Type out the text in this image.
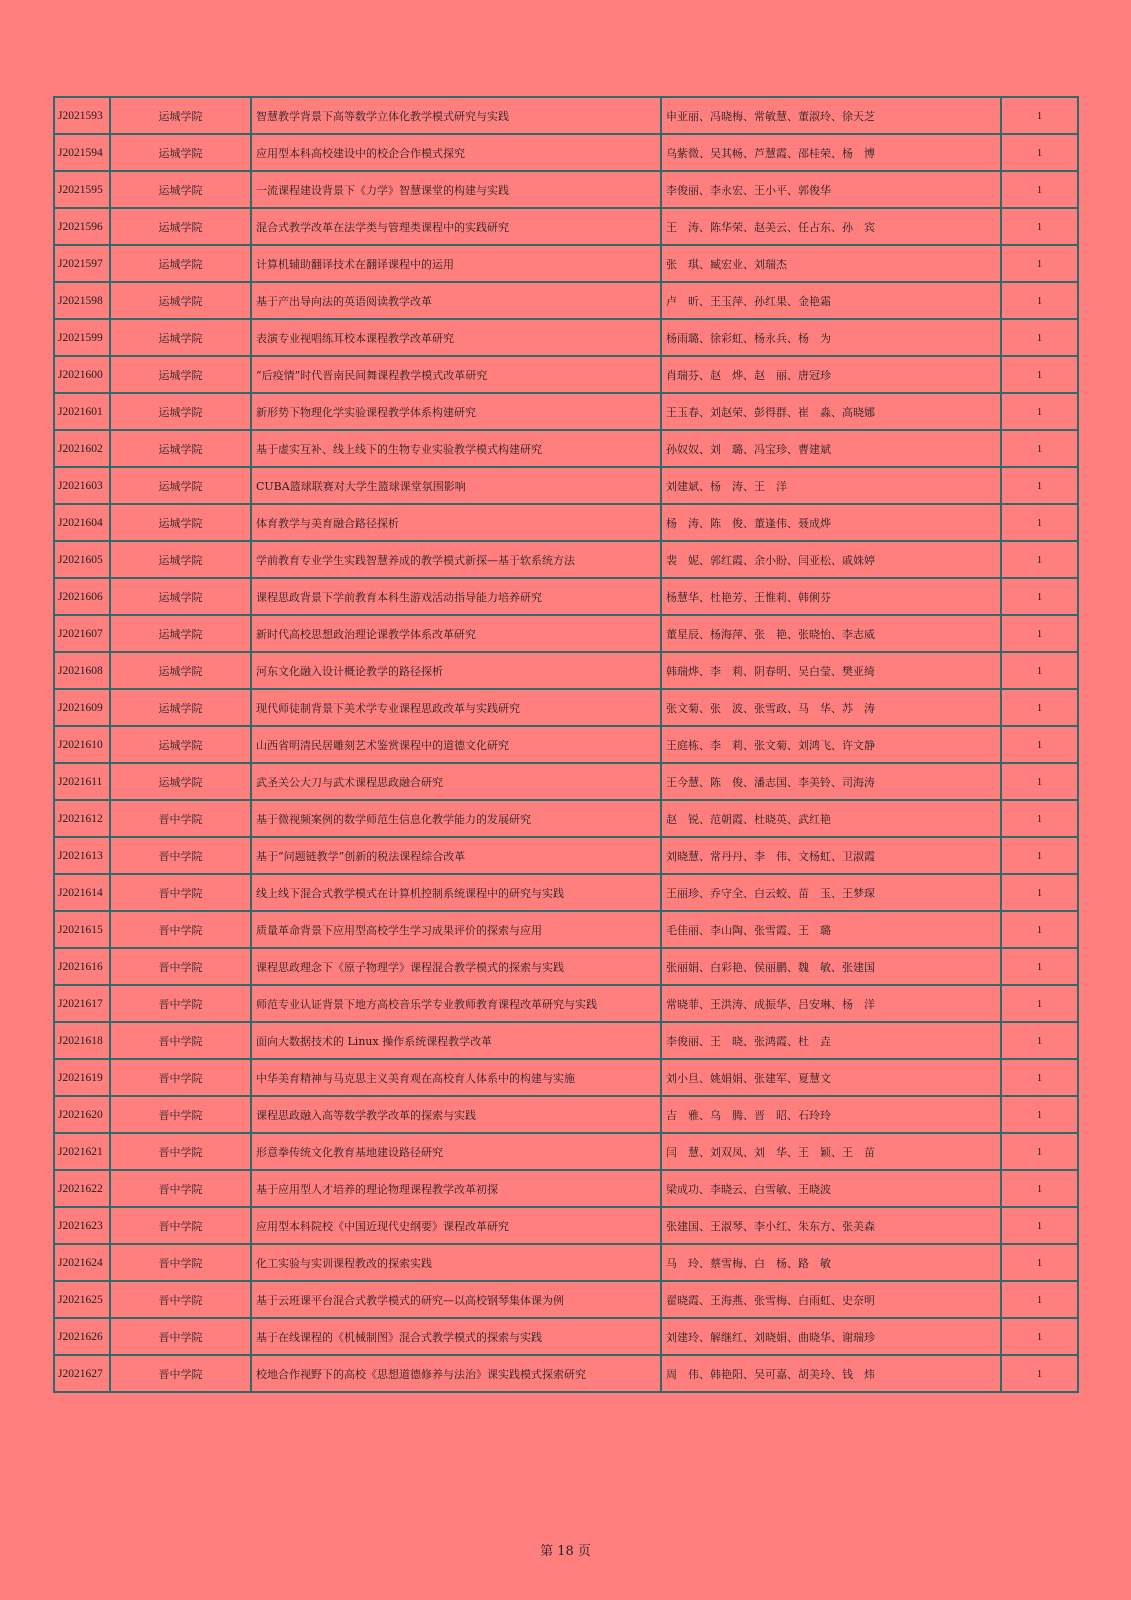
J2021593	运城学院	智慧教学背景下高等数学立体化教学模式研究与实践	申亚丽、冯晓梅、常敏慧、董淑玲、徐天芝	1
J2021594	运城学院	应用型本科高校建设中的校企合作模式探究	乌紫微、吴其畅、芦慧霞、邵桂荣、杨　博	1
J2021595	运城学院	一流课程建设背景下《力学》智慧课堂的构建与实践	李俊丽、李永宏、王小平、郭俊华	1
J2021596	运城学院	混合式教学改革在法学类与管理类课程中的实践研究	王　涛、陈华荣、赵美云、任占东、孙　宾	1
J2021597	运城学院	计算机辅助翻译技术在翻译课程中的运用	张　琪、臧宏业、刘瑞杰	1
J2021598	运城学院	基于产出导向法的英语阅读教学改革	卢　昕、王玉萍、孙红果、金艳霜	1
J2021599	运城学院	表演专业视唱练耳校本课程教学改革研究	杨雨璐、徐彩虹、杨永兵、杨　为	1
J2021600	运城学院	“后疫情”时代晋南民间舞课程教学模式改革研究	肖瑞芬、赵　烨、赵　丽、唐冠珍	1
J2021601	运城学院	新形势下物理化学实验课程教学体系构建研究	王玉春、刘赵荣、彭得群、崔　淼、高晓娜	1
J2021602	运城学院	基于虚实互补、线上线下的生物专业实验教学模式构建研究	孙奴奴、刘　璐、冯宝珍、曹建斌	1
J2021603	运城学院	CUBA篮球联赛对大学生篮球课堂氛围影响	刘建斌、杨　涛、王　洋	1
J2021604	运城学院	体育教学与美育融合路径探析	杨　涛、陈　俊、董逢伟、聂成烨	1
J2021605	运城学院	学前教育专业学生实践智慧养成的教学模式新探—基于软系统方法	裴　妮、郭红霞、余小盼、闫亚松、戚姝婷	1
J2021606	运城学院	课程思政背景下学前教育本科生游戏活动指导能力培养研究	杨慧华、杜艳芳、王惟莉、韩俐芬	1
J2021607	运城学院	新时代高校思想政治理论课教学体系改革研究	董星辰、杨海萍、张　艳、张晓怡、李志威	1
J2021608	运城学院	河东文化融入设计概论教学的路径探析	韩瑞烨、李　莉、阴春明、吴白莹、樊亚绮	1
J2021609	运城学院	现代师徒制背景下美术学专业课程思政改革与实践研究	张文菊、张　波、张雪政、马　华、苏　涛	1
J2021610	运城学院	山西省明清民居雕刻艺术鉴赏课程中的道德文化研究	王庭栋、李　莉、张文菊、刘鸿飞、许文静	1
J2021611	运城学院	武圣关公大刀与武术课程思政融合研究	王今慧、陈　俊、潘志国、李美铃、司海涛	1
J2021612	晋中学院	基于微视频案例的数学师范生信息化教学能力的发展研究	赵　锐、范朝霞、杜晓英、武红艳	1
J2021613	晋中学院	基于“问题链教学”创新的税法课程综合改革	刘晓慧、常丹丹、李　伟、文杨虹、卫淑霞	1
J2021614	晋中学院	线上线下混合式教学模式在计算机控制系统课程中的研究与实践	王丽珍、乔守全、白云蛟、苗　玉、王梦琛	1
J2021615	晋中学院	质量革命背景下应用型高校学生学习成果评价的探索与应用	毛佳丽、李山陶、张雪霞、王　璐	1
J2021616	晋中学院	课程思政理念下《原子物理学》课程混合教学模式的探索与实践	张丽娟、白彩艳、侯丽鹏、魏　敏、张建国	1
J2021617	晋中学院	师范专业认证背景下地方高校音乐学专业教师教育课程改革研究与实践	常晓菲、王洪涛、成振华、吕安琳、杨　洋	1
J2021618	晋中学院	面向大数据技术的 Linux 操作系统课程教学改革	李俊丽、王　晓、张鸿霞、杜　垚	1
J2021619	晋中学院	中华美育精神与马克思主义美育观在高校育人体系中的构建与实施	刘小旦、姚娟娟、张建军、夏慧文	1
J2021620	晋中学院	课程思政融入高等数学教学改革的探索与实践	吉　雅、乌　腾、晋　昭、石玲玲	1
J2021621	晋中学院	形意拳传统文化教育基地建设路径研究	闫　慧、刘双凤、刘　华、王　颖、王　苗	1
J2021622	晋中学院	基于应用型人才培养的理论物理课程教学改革初探	梁成功、李晓云、白雪敏、王晓波	1
J2021623	晋中学院	应用型本科院校《中国近现代史纲要》课程改革研究	张建国、王淑琴、李小红、朱东方、张美森	1
J2021624	晋中学院	化工实验与实训课程教改的探索实践	马　玲、蔡雪梅、白　杨、路　敏	1
J2021625	晋中学院	基于云班课平台混合式教学模式的研究—以高校钢琴集体课为例	翟晓霞、王海燕、张雪梅、白雨虹、史奈明	1
J2021626	晋中学院	基于在线课程的《机械制图》混合式教学模式的探索与实践	刘建玲、解继红、刘晓娟、曲晓华、谢瑞珍	1
J2021627	晋中学院	校地合作视野下的高校《思想道德修养与法治》课实践模式探索研究	周　伟、韩艳阳、吴可嘉、胡美玲、钱　炜	1
第 18 页
